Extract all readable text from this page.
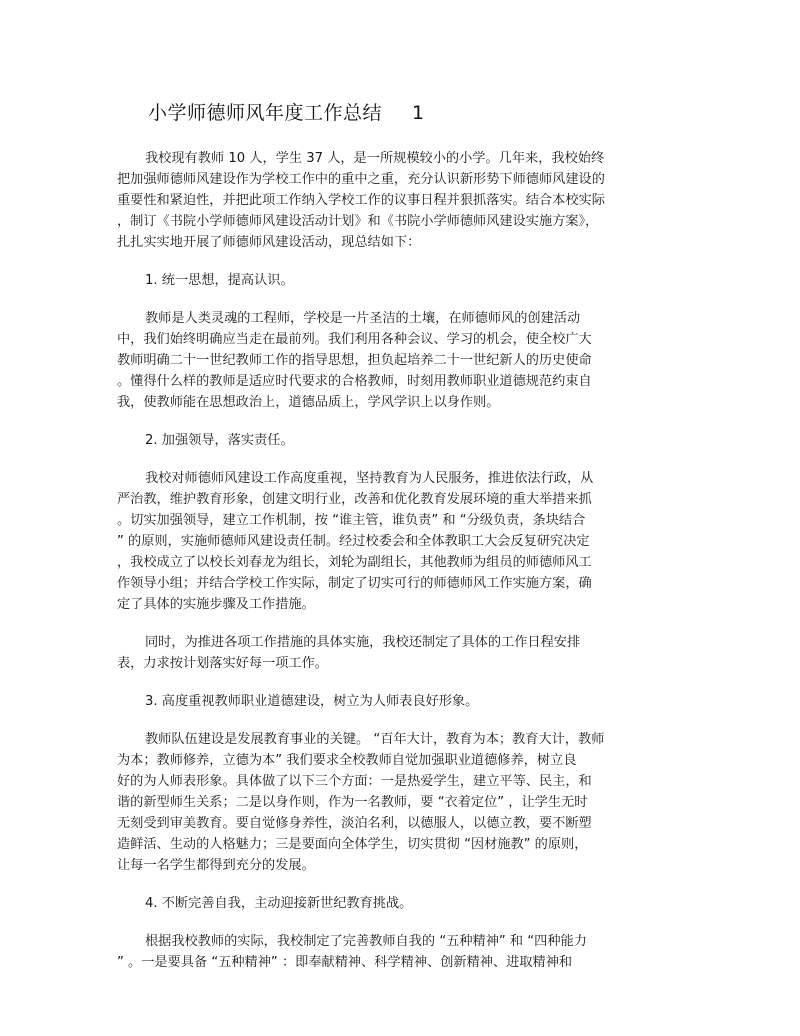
小学师德师风年度工作总结 1
我校现有教师 10 人，学生 37 人，是一所规模较小的小学。几年来，我校始终
把加强师德师风建设作为学校工作中的重中之重，充分认识新形势下师德师风建设的
重要性和紧迫性，并把此项工作纳入学校工作的议事日程并狠抓落实。结合本校实际
，制订《书院小学师德师风建设活动计划》和《书院小学师德师风建设实施方案》，
扎扎实实地开展了师德师风建设活动，现总结如下：
1. 统一思想，提高认识。
教师是人类灵魂的工程师，学校是一片圣洁的土壤，在师德师风的创建活动
中，我们始终明确应当走在最前列。我们利用各种会议、学习的机会，使全校广大
教师明确二十一世纪教师工作的指导思想，担负起培养二十一世纪新人的历史使命
。懂得什么样的教师是适应时代要求的合格教师，时刻用教师职业道德规范约束自
我，使教师能在思想政治上，道德品质上，学风学识上以身作则。
2. 加强领导，落实责任。
我校对师德师风建设工作高度重视，坚持教育为人民服务，推进依法行政，从
严治教，维护教育形象，创建文明行业，改善和优化教育发展环境的重大举措来抓
。切实加强领导，建立工作机制，按 “谁主管，谁负责” 和 “分级负责，条块结合
” 的原则，实施师德师风建设责任制。经过校委会和全体教职工大会反复研究决定
，我校成立了以校长刘春龙为组长，刘轮为副组长，其他教师为组员的师德师风工
作领导小组；并结合学校工作实际，制定了切实可行的师德师风工作实施方案，确
定了具体的实施步骤及工作措施。
同时，为推进各项工作措施的具体实施，我校还制定了具体的工作日程安排
表，力求按计划落实好每一项工作。
3. 高度重视教师职业道德建设，树立为人师表良好形象。
教师队伍建设是发展教育事业的关键。 “百年大计，教育为本；教育大计，教师
为本；教师修养，立德为本” 我们要求全校教师自觉加强职业道德修养，树立良
好的为人师表形象。具体做了以下三个方面：一是热爱学生，建立平等、民主，和
谐的新型师生关系；二是以身作则，作为一名教师，要 “衣着定位” ，让学生无时
无刻受到审美教育。要自觉修身养性，淡泊名利，以德服人，以德立教，要不断塑
造鲜活、生动的人格魅力；三是要面向全体学生，切实贯彻 “因材施教” 的原则，
让每一名学生都得到充分的发展。
4. 不断完善自我，主动迎接新世纪教育挑战。
根据我校教师的实际，我校制定了完善教师自我的 “五种精神” 和 “四种能力
” 。一是要具备 “五种精神” ：即奉献精神、科学精神、创新精神、进取精神和
